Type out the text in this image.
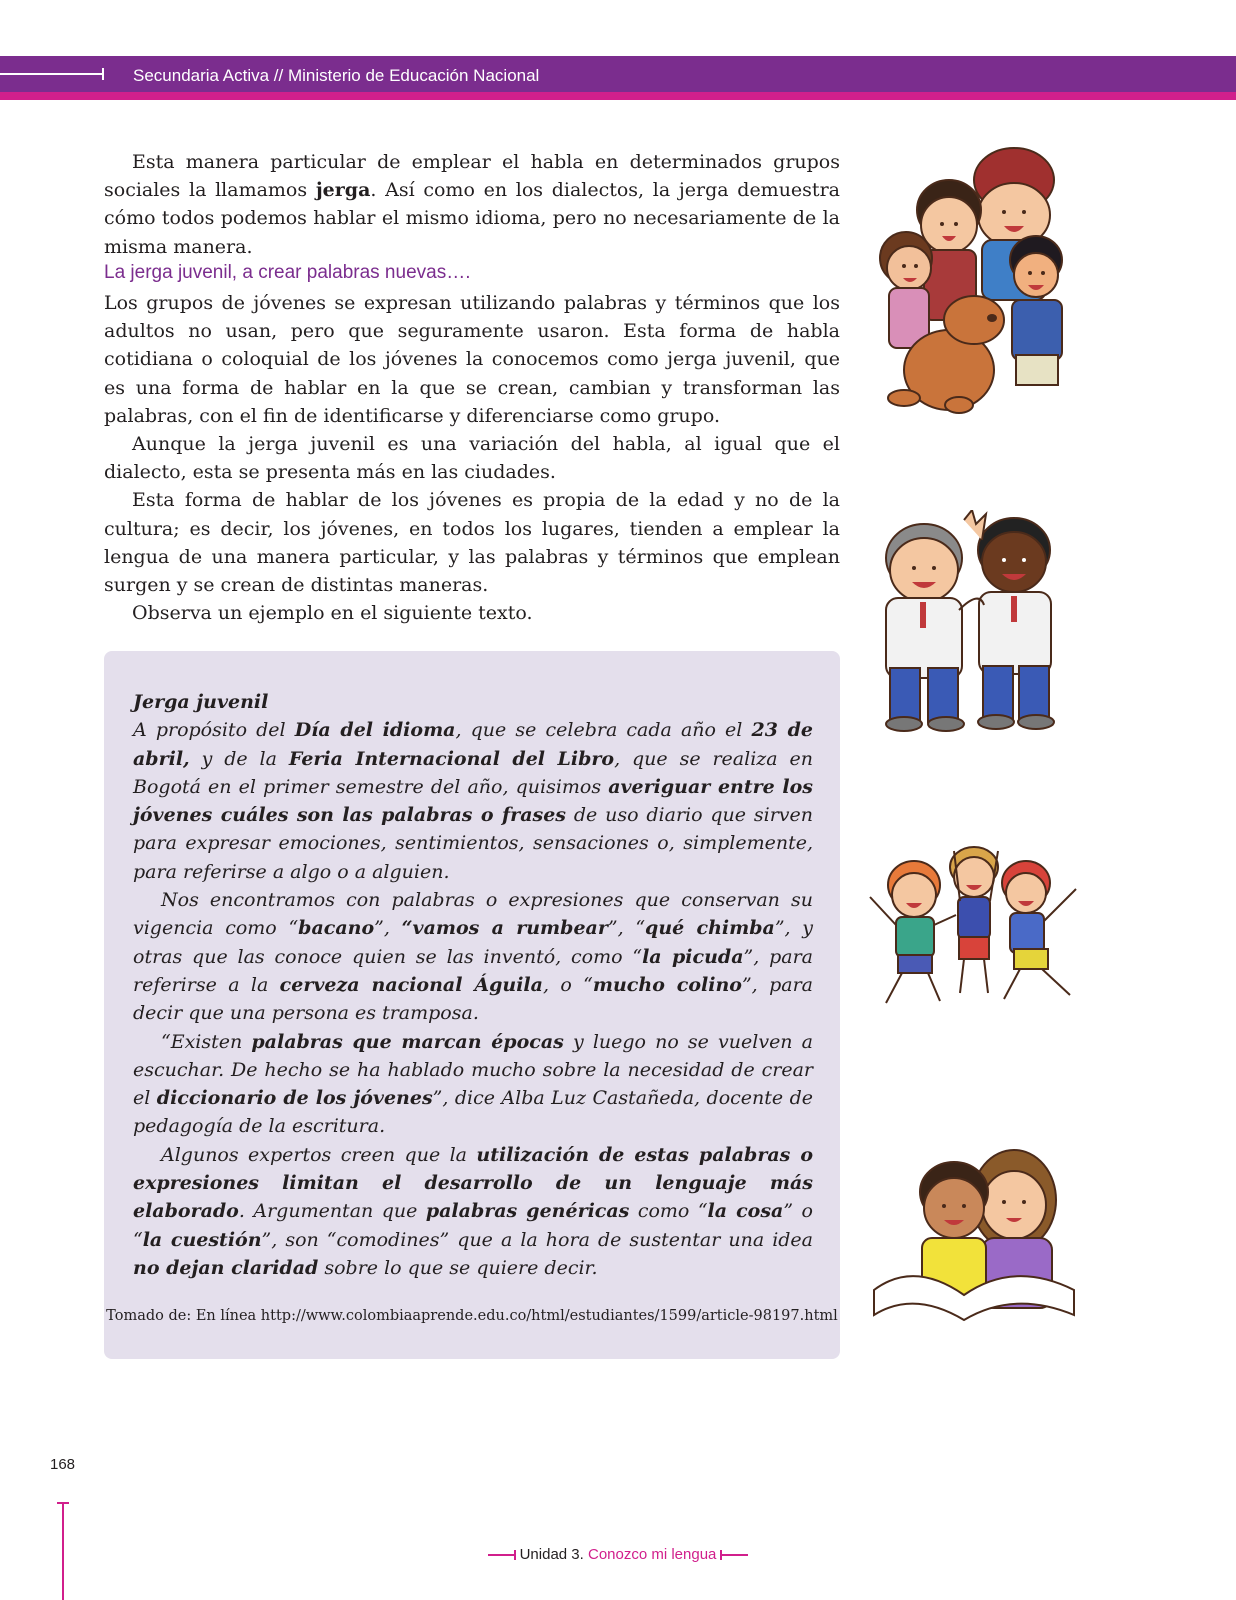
Secundaria Activa // Ministerio de Educación Nacional

Esta manera particular de emplear el habla en determinados grupos sociales la llamamos jerga. Así como en los dialectos, la jerga demuestra cómo todos podemos hablar el mismo idioma, pero no necesariamente de la misma manera.

La jerga juvenil, a crear palabras nuevas….

Los grupos de jóvenes se expresan utilizando palabras y términos que los adultos no usan, pero que seguramente usaron. Esta forma de habla cotidiana o coloquial de los jóvenes la conocemos como jerga juvenil, que es una forma de hablar en la que se crean, cambian y transforman las palabras, con el fin de identificarse y diferenciarse como grupo.

Aunque la jerga juvenil es una variación del habla, al igual que el dialecto, esta se presenta más en las ciudades.

Esta forma de hablar de los jóvenes es propia de la edad y no de la cultura; es decir, los jóvenes, en todos los lugares, tienden a emplear la lengua de una manera particular, y las palabras y términos que emplean surgen y se crean de distintas maneras.

Observa un ejemplo en el siguiente texto.

Jerga juvenil

A propósito del Día del idioma, que se celebra cada año el 23 de abril, y de la Feria Internacional del Libro, que se realiza en Bogotá en el primer semestre del año, quisimos averiguar entre los jóvenes cuáles son las palabras o frases de uso diario que sirven para expresar emociones, sentimientos, sensaciones o, simplemente, para referirse a algo o a alguien.

Nos encontramos con palabras o expresiones que conservan su vigencia como “bacano”, “vamos a rumbear”, “qué chimba”, y otras que las conoce quien se las inventó, como “la picuda”, para referirse a la cerveza nacional Águila, o “mucho colino”, para decir que una persona es tramposa.

“Existen palabras que marcan épocas y luego no se vuelven a escuchar. De hecho se ha hablado mucho sobre la necesidad de crear el diccionario de los jóvenes”, dice Alba Luz Castañeda, docente de pedagogía de la escritura.

Algunos expertos creen que la utilización de estas palabras o expresiones limitan el desarrollo de un lenguaje más elaborado. Argumentan que palabras genéricas como “la cosa” o “la cuestión”, son “comodines” que a la hora de sustentar una idea no dejan claridad sobre lo que se quiere decir.

Tomado de: En línea http://www.colombiaaprende.edu.co/html/estudiantes/1599/article-98197.html
168
Unidad 3. Conozco mi lengua
